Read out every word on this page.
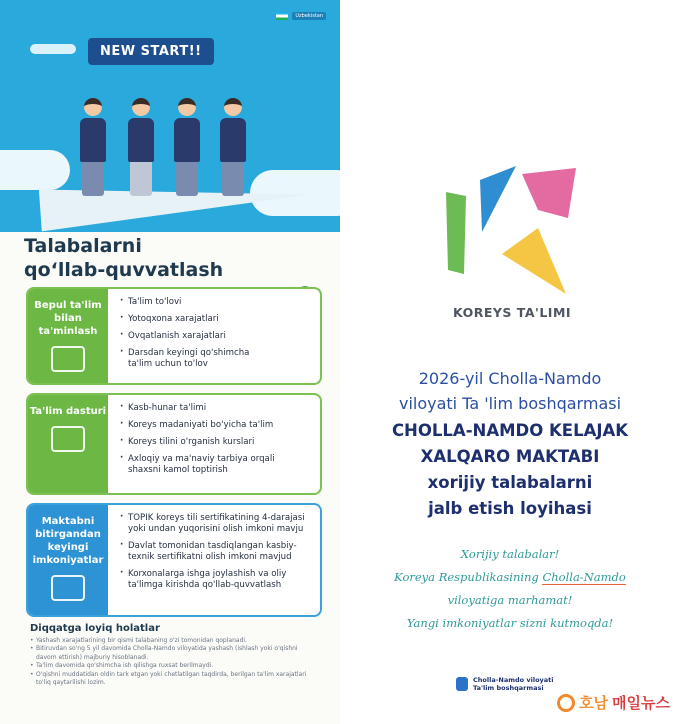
Uzbekistan
NEW START!!
Talabalarni
qo‘llab-quvvatlash
Bepul ta'lim bilan ta'minlash
· Ta'lim to'lovi
· Yotoqxona xarajatlari
· Ovqatlanish xarajatlari
· Darsdan keyingi qo'shimcha ta'lim uchun to'lov
Ta'lim dasturi
·	Kasb-hunar ta'limi
· Koreys madaniyati bo'yicha ta'lim
· Koreys tilini o'rganish kurslari
· Axloqiy va ma'naviy tarbiya orqali shaxsni kamol toptirish
Maktabni bitirgandan keyingi imkoniyatlar
· TOPIK koreys tili sertifikatining 4-darajasi yoki undan yuqorisini olish imkoni mavju
· Davlat tomonidan tasdiqlangan kasbiy-texnik sertifikatni olish imkoni mavjud
· Korxonalarga ishga joylashish va oliy ta'limga kirishda qo'llab-quvvatlash
Diqqatga loyiq holatlar
• Yashash xarajatlarining bir qismi talabaning o'zi tomonidan qoplanadi.
• Bitiruvdan so'ng 5 yil davomida Cholla-Namdo viloyatida yashash (ishlash yoki o'qishni davom ettirish) majburiy hisoblanadi.
• Ta'lim davomida qo'shimcha ish qilishga ruxsat berilmaydi.
• O'qishni muddatidan oldin tark etgan yoki chetlatilgan taqdirda, berilgan ta'lim xarajatlari to'liq qaytarilishi lozim.
KOREYS TA'LIMI
2026-yil Cholla-Namdo
viloyati Ta 'lim boshqarmasi
CHOLLA-NAMDO KELAJAK
XALQARO MAKTABI
xorijiy talabalarni
jalb etish loyihasi
Xorijiy talabalar!
Koreya Respublikasining Cholla-Namdo
viloyatiga marhamat!
Yangi imkoniyatlar sizni kutmoqda!
Cholla-Namdo viloyati
Ta'lim boshqarmasi
호남 매일뉴스
